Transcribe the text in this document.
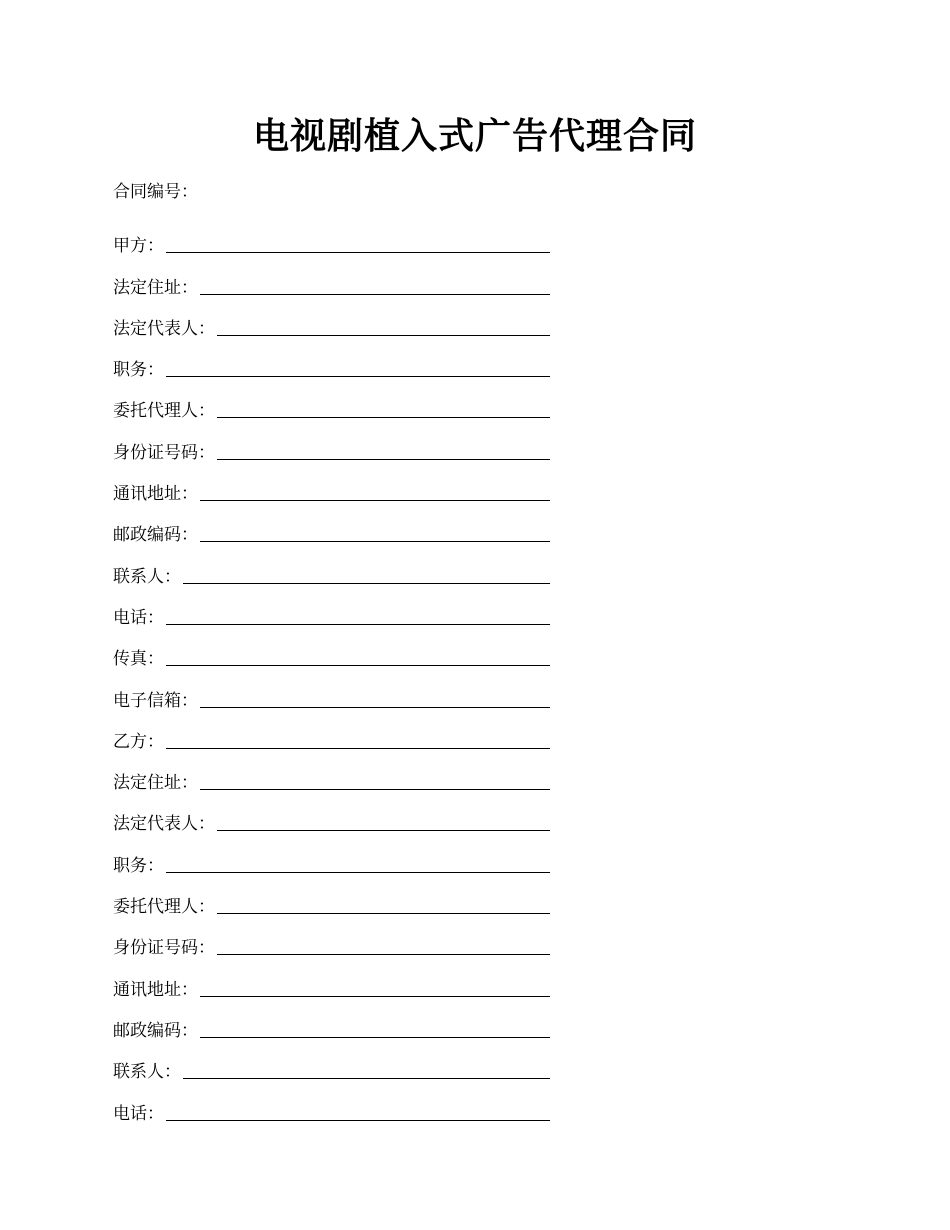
电视剧植入式广告代理合同
合同编号：
甲方：
法定住址：
法定代表人：
职务：
委托代理人：
身份证号码：
通讯地址：
邮政编码：
联系人：
电话：
传真：
电子信箱：
乙方：
法定住址：
法定代表人：
职务：
委托代理人：
身份证号码：
通讯地址：
邮政编码：
联系人：
电话：
